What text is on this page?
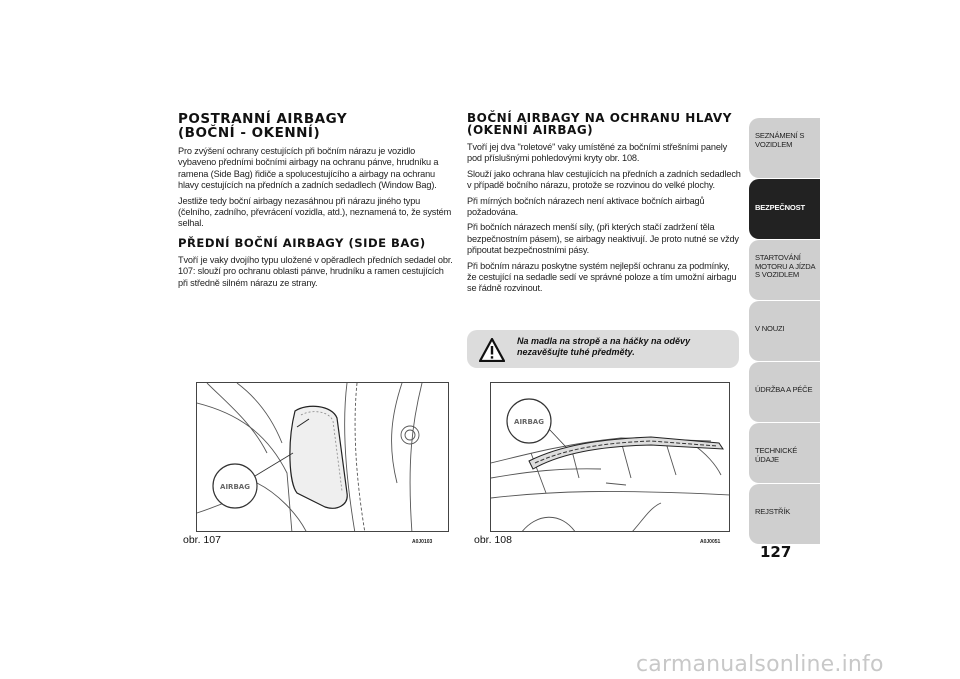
POSTRANNÍ AIRBAGY
(BOČNÍ - OKENNÍ)

Pro zvýšení ochrany cestujících při bočním nárazu je vozidlo vybaveno předními bočními airbagy na ochranu pánve, hrudníku a ramena (Side Bag) řidiče a spolucestujícího a airbagy na ochranu hlavy cestujících na předních a zadních sedadlech (Window Bag).

Jestliže tedy boční airbagy nezasáhnou při nárazu jiného typu (čelního, zadního, převrácení vozidla, atd.), neznamená to, že systém selhal.

PŘEDNÍ BOČNÍ AIRBAGY (SIDE BAG)

Tvoří je vaky dvojího typu uložené v opěradlech předních sedadel obr. 107: slouží pro ochranu oblasti pánve, hrudníku a ramen cestujících při středně silném nárazu ze strany.

BOČNÍ AIRBAGY NA OCHRANU HLAVY
(OKENNÍ AIRBAG)

Tvoří jej dva "roletové" vaky umístěné za bočními střešními panely pod příslušnými pohledovými kryty obr. 108.

Slouží jako ochrana hlav cestujících na předních a zadních sedadlech v případě bočního nárazu, protože se rozvinou do velké plochy.

Při mírných bočních nárazech není aktivace bočních airbagů požadována.

Při bočních nárazech menší síly, (při kterých stačí zadržení těla bezpečnostním pásem), se airbagy neaktivují. Je proto nutné se vždy připoutat bezpečnostními pásy.

Při bočním nárazu poskytne systém nejlepší ochranu za podmínky, že cestující na sedadle sedí ve správné poloze a tím umožní airbagu se řádně rozvinout.

Na madla na stropě a na háčky na oděvy nezavěšujte tuhé předměty.
AIRBAG
obr. 107	A0J0103
AIRBAG
obr. 108	A0J0051
SEZNÁMENÍ S VOZIDLEM
BEZPEČNOST
STARTOVÁNÍ MOTORU A JÍZDA S VOZIDLEM
V NOUZI
ÚDRŽBA A PÉČE
TECHNICKÉ ÚDAJE
REJSTŘÍK
127
carmanualsonline.info
